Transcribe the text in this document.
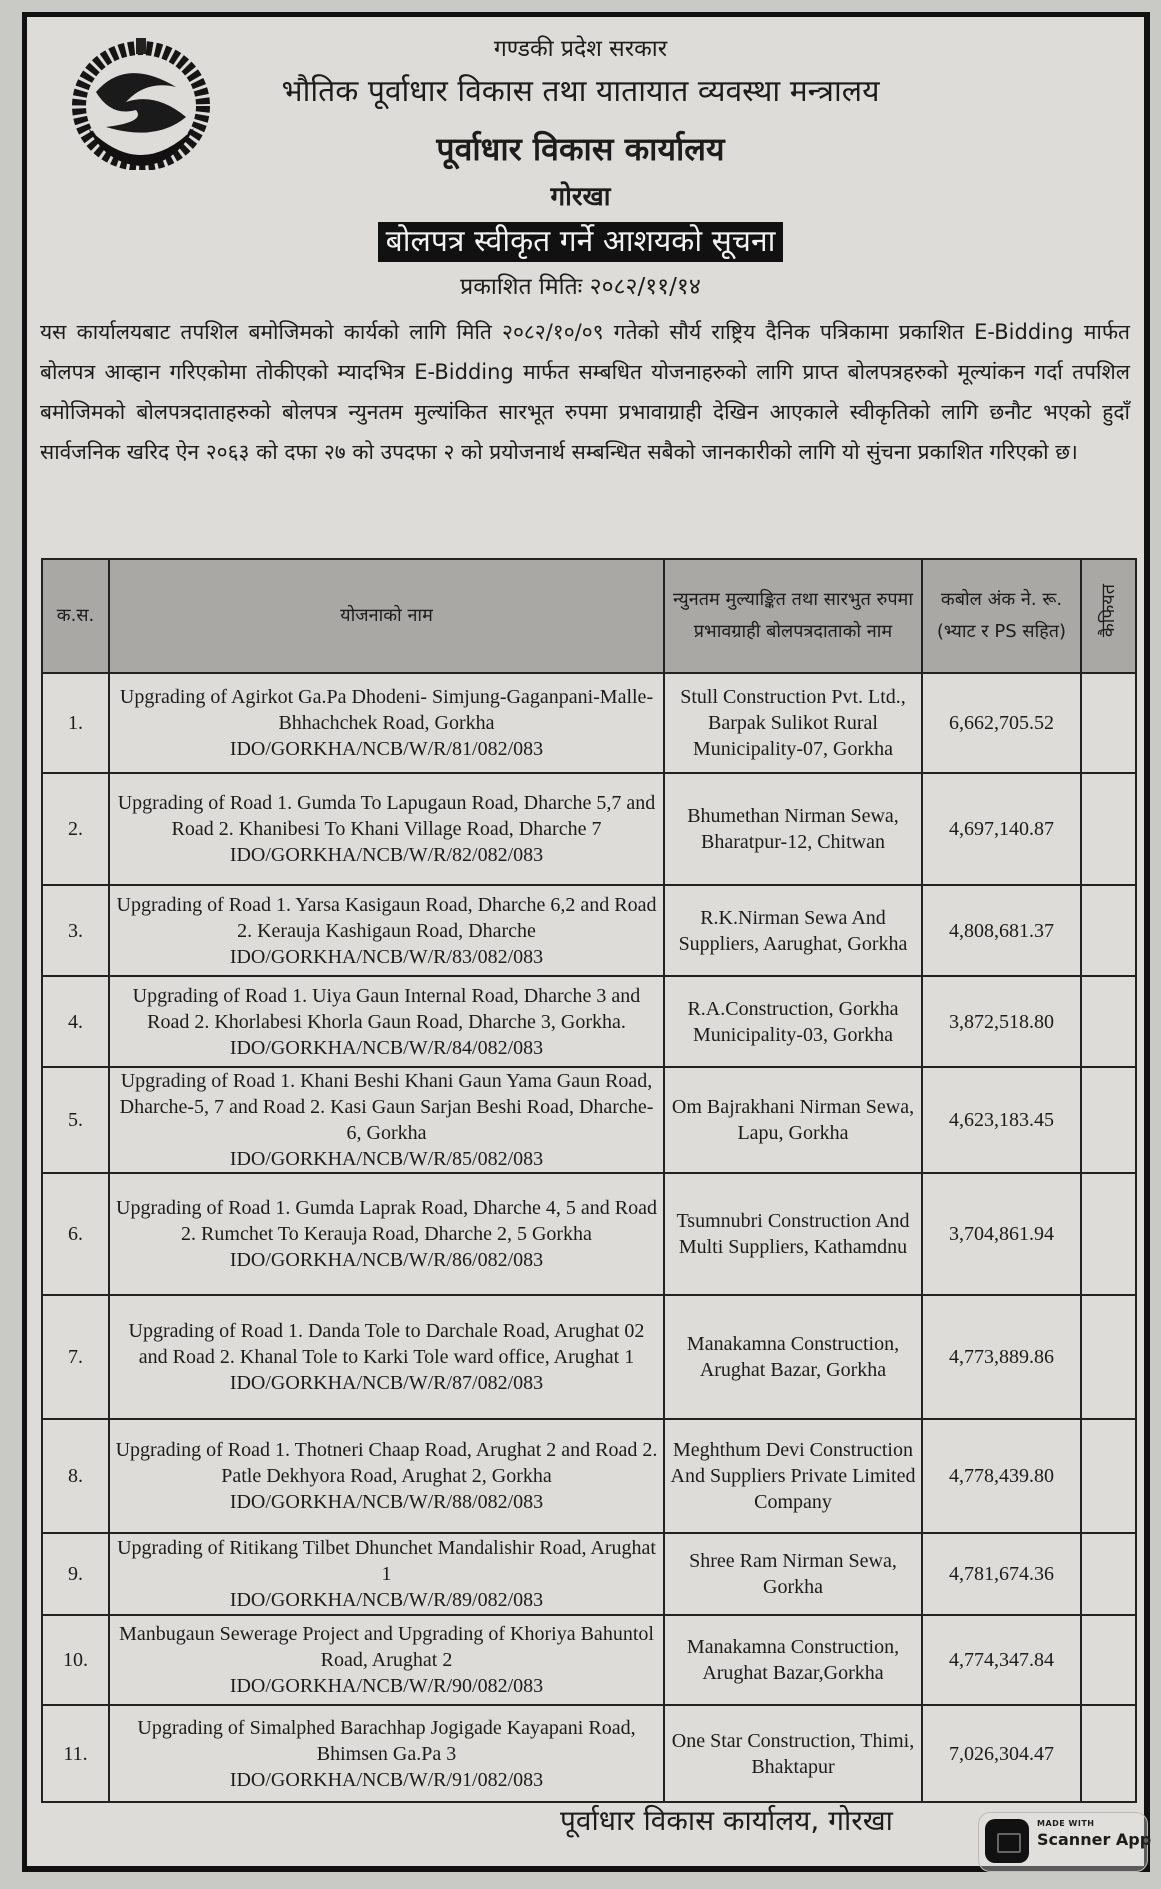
गण्डकी प्रदेश सरकार
भौतिक पूर्वाधार विकास तथा यातायात व्यवस्था मन्त्रालय
पूर्वाधार विकास कार्यालय
गोरखा
बोलपत्र स्वीकृत गर्ने आशयको सूचना
प्रकाशित मितिः २०८२/११/१४
यस कार्यालयबाट तपशिल बमोजिमको कार्यको लागि मिति २०८२/१०/०९ गतेको सौर्य राष्ट्रिय दैनिक पत्रिकामा प्रकाशित E-Bidding मार्फत बोलपत्र आव्हान गरिएकोमा तोकीएको म्यादभित्र E-Bidding मार्फत सम्बधित योजनाहरुको लागि प्राप्त बोलपत्रहरुको मूल्यांकन गर्दा तपशिल बमोजिमको बोलपत्रदाताहरुको बोलपत्र न्युनतम मुल्यांकित सारभूत रुपमा प्रभावाग्राही देखिन आएकाले स्वीकृतिको लागि छनौट भएको हुदाँ सार्वजनिक खरिद ऐन २०६३ को दफा २७ को उपदफा २ को प्रयोजनार्थ सम्बन्धित सबैको जानकारीको लागि यो सुंचना प्रकाशित गरिएको छ।
क.स.	योजनाको नाम	न्युनतम मुल्याङ्कित तथा सारभुत रुपमा प्रभावग्राही बोलपत्रदाताको नाम	कबोल अंक ने. रू. (भ्याट र PS सहित)	कैफियत
1.	Upgrading of Agirkot Ga.Pa Dhodeni- Simjung-Gaganpani-Malle-Bhhachchek Road, Gorkha
IDO/GORKHA/NCB/W/R/81/082/083	Stull Construction Pvt. Ltd., Barpak Sulikot Rural Municipality-07, Gorkha	6,662,705.52	
2.	Upgrading of Road 1. Gumda To Lapugaun Road, Dharche 5,7 and Road 2. Khanibesi To Khani Village Road, Dharche 7
IDO/GORKHA/NCB/W/R/82/082/083	Bhumethan Nirman Sewa, Bharatpur-12, Chitwan	4,697,140.87	
3.	Upgrading of Road 1. Yarsa Kasigaun Road, Dharche 6,2 and Road 2. Kerauja Kashigaun Road, Dharche
IDO/GORKHA/NCB/W/R/83/082/083	R.K.Nirman Sewa And Suppliers, Aarughat, Gorkha	4,808,681.37	
4.	Upgrading of Road 1. Uiya Gaun Internal Road, Dharche 3 and Road 2. Khorlabesi Khorla Gaun Road, Dharche 3, Gorkha.
IDO/GORKHA/NCB/W/R/84/082/083	R.A.Construction, Gorkha Municipality-03, Gorkha	3,872,518.80	
5.	Upgrading of Road 1. Khani Beshi Khani Gaun Yama Gaun Road, Dharche-5, 7 and Road 2. Kasi Gaun Sarjan Beshi Road, Dharche-6, Gorkha
IDO/GORKHA/NCB/W/R/85/082/083	Om Bajrakhani Nirman Sewa, Lapu, Gorkha	4,623,183.45	
6.	Upgrading of Road 1. Gumda Laprak Road, Dharche 4, 5 and Road 2. Rumchet To Kerauja Road, Dharche 2, 5 Gorkha
IDO/GORKHA/NCB/W/R/86/082/083	Tsumnubri Construction And Multi Suppliers, Kathamdnu	3,704,861.94	
7.	Upgrading of Road 1. Danda Tole to Darchale Road, Arughat 02 and Road 2. Khanal Tole to Karki Tole ward office, Arughat 1
IDO/GORKHA/NCB/W/R/87/082/083	Manakamna Construction, Arughat Bazar, Gorkha	4,773,889.86	
8.	Upgrading of Road 1. Thotneri Chaap Road, Arughat 2 and Road 2. Patle Dekhyora Road, Arughat 2, Gorkha
IDO/GORKHA/NCB/W/R/88/082/083	Meghthum Devi Construction And Suppliers Private Limited Company	4,778,439.80	
9.	Upgrading of Ritikang Tilbet Dhunchet Mandalishir Road, Arughat 1
IDO/GORKHA/NCB/W/R/89/082/083	Shree Ram Nirman Sewa, Gorkha	4,781,674.36	
10.	Manbugaun Sewerage Project and Upgrading of Khoriya Bahuntol Road, Arughat 2
IDO/GORKHA/NCB/W/R/90/082/083	Manakamna Construction, Arughat Bazar,Gorkha	4,774,347.84	
11.	Upgrading of Simalphed Barachhap Jogigade Kayapani Road, Bhimsen Ga.Pa 3
IDO/GORKHA/NCB/W/R/91/082/083	One Star Construction, Thimi, Bhaktapur	7,026,304.47	
पूर्वाधार विकास कार्यालय, गोरखा	MADE WITH
Scanner App
